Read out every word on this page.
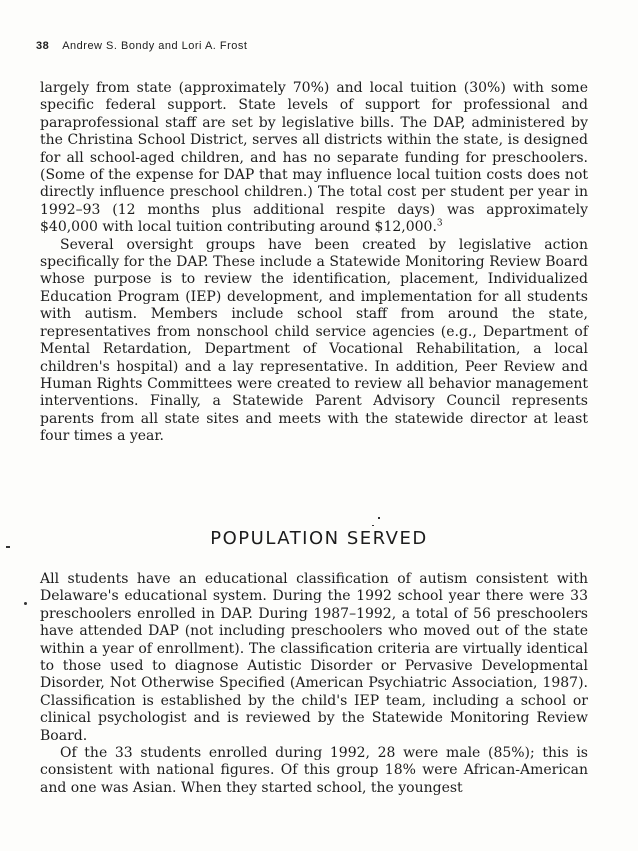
38 Andrew S. Bondy and Lori A. Frost

largely from state (approximately 70%) and local tuition (30%) with some specific federal support. State levels of support for professional and paraprofessional staff are set by legislative bills. The DAP, administered by the Christina School District, serves all districts within the state, is designed for all school-aged children, and has no separate funding for preschoolers. (Some of the expense for DAP that may influence local tuition costs does not directly influence preschool children.) The total cost per student per year in 1992–93 (12 months plus additional respite days) was approximately $40,000 with local tuition contributing around $12,000.$^3$

Several oversight groups have been created by legislative action specifically for the DAP. These include a Statewide Monitoring Review Board whose purpose is to review the identification, placement, Individualized Education Program (IEP) development, and implementation for all students with autism. Members include school staff from around the state, representatives from nonschool child service agencies (e.g., Department of Mental Retardation, Department of Vocational Rehabilitation, a local children's hospital) and a lay representative. In addition, Peer Review and Human Rights Committees were created to review all behavior management interventions. Finally, a Statewide Parent Advisory Council represents parents from all state sites and meets with the statewide director at least four times a year.

POPULATION SERVED

All students have an educational classification of autism consistent with Delaware's educational system. During the 1992 school year there were 33 preschoolers enrolled in DAP. During 1987–1992, a total of 56 preschoolers have attended DAP (not including preschoolers who moved out of the state within a year of enrollment). The classification criteria are virtually identical to those used to diagnose Autistic Disorder or Pervasive Developmental Disorder, Not Otherwise Specified (American Psychiatric Association, 1987). Classification is established by the child's IEP team, including a school or clinical psychologist and is reviewed by the Statewide Monitoring Review Board.

Of the 33 students enrolled during 1992, 28 were male (85%); this is consistent with national figures. Of this group 18% were African-American and one was Asian. When they started school, the youngest
